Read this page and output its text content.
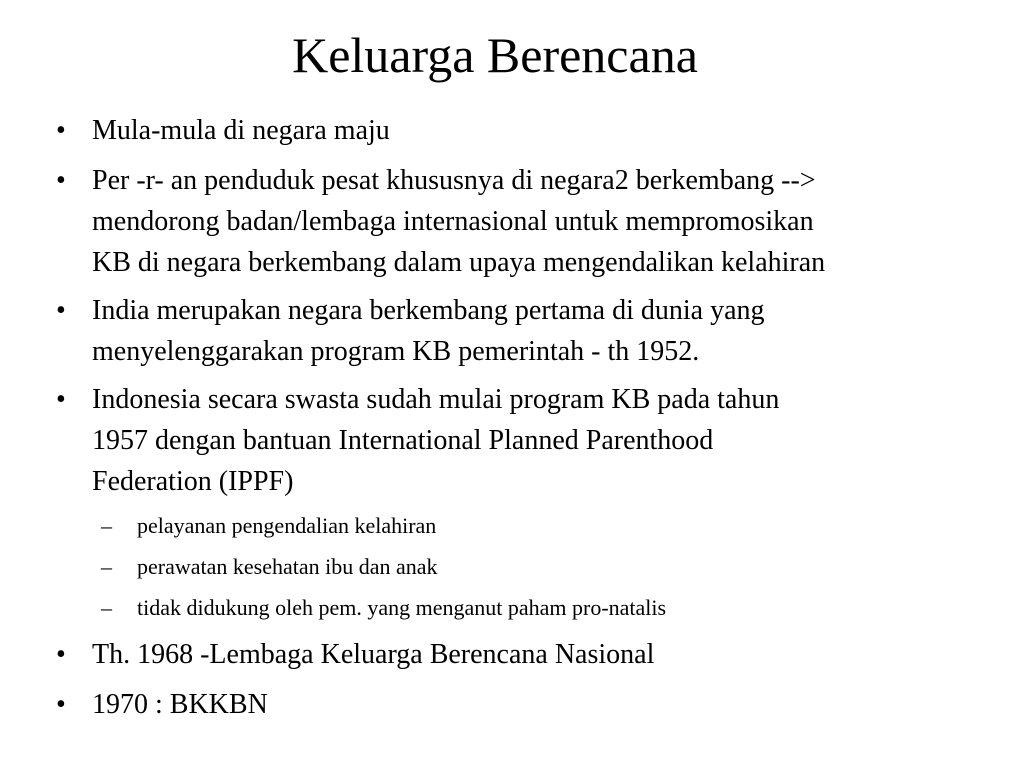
Keluarga Berencana
• Mula-mula di negara maju
• Per -r- an penduduk pesat khususnya di negara2 berkembang -->
mendorong badan/lembaga internasional untuk mempromosikan
KB di negara berkembang dalam upaya mengendalikan kelahiran
• India merupakan negara berkembang pertama di dunia yang
menyelenggarakan program KB pemerintah - th 1952.
• Indonesia secara swasta sudah mulai program KB pada tahun
1957 dengan bantuan International Planned Parenthood
Federation (IPPF)
– pelayanan pengendalian kelahiran
– perawatan kesehatan ibu dan anak
– tidak didukung oleh pem. yang menganut paham pro-natalis
• Th. 1968 -Lembaga Keluarga Berencana Nasional
• 1970 : BKKBN
